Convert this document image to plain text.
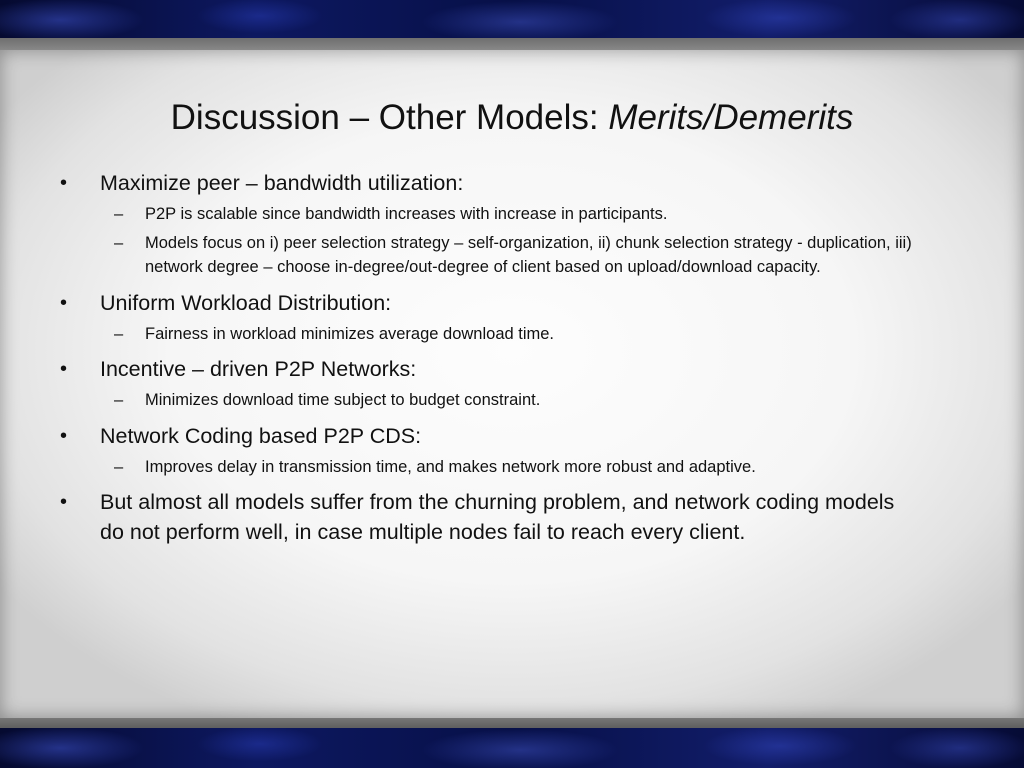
Discussion – Other Models: Merits/Demerits
• Maximize peer – bandwidth utilization:
– P2P is scalable since bandwidth increases with increase in participants.
– Models focus on i) peer selection strategy – self-organization, ii) chunk selection strategy - duplication, iii) network degree – choose in-degree/out-degree of client based on upload/download capacity.
• Uniform Workload Distribution:
– Fairness in workload minimizes average download time.
• Incentive – driven P2P Networks:
– Minimizes download time subject to budget constraint.
• Network Coding based P2P CDS:
– Improves delay in transmission time, and makes network more robust and adaptive.
• But almost all models suffer from the churning problem, and network coding models do not perform well, in case multiple nodes fail to reach every client.
